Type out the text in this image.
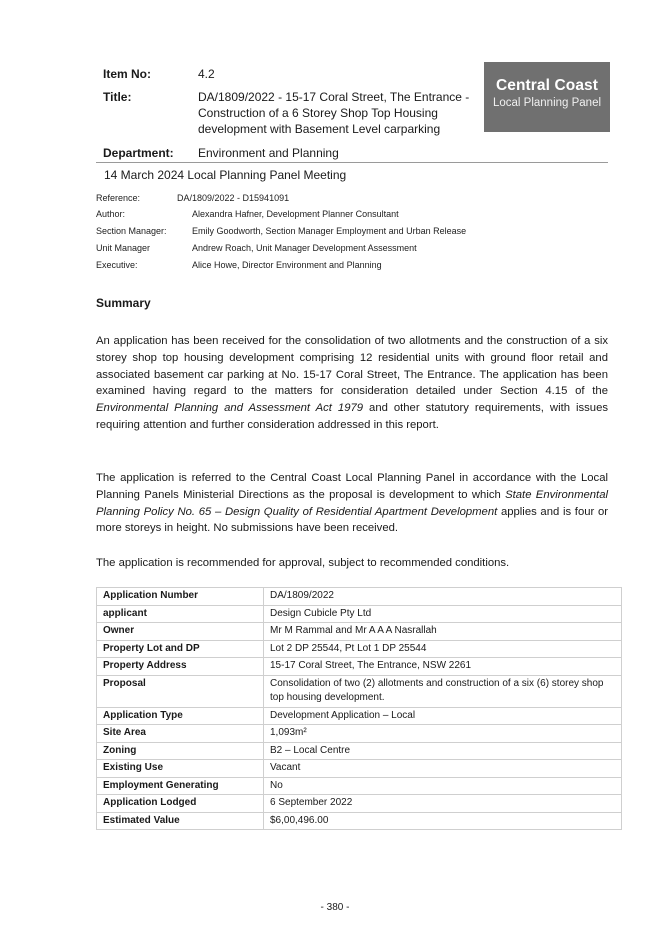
Item No:	4.2
Title:	DA/1809/2022 - 15-17 Coral Street, The Entrance -
Construction of a 6 Storey Shop Top Housing
development with Basement Level carparking
Central Coast
Local Planning Panel
Department: Environment and Planning
14 March 2024 Local Planning Panel Meeting
Reference:	DA/1809/2022 - D15941091
Author:	Alexandra Hafner, Development Planner Consultant
Section Manager:	Emily Goodworth, Section Manager Employment and Urban Release
Unit Manager	Andrew Roach, Unit Manager Development Assessment
Executive:	Alice Howe, Director Environment and Planning
Summary

An application has been received for the consolidation of two allotments and the construction of a six storey shop top housing development comprising 12 residential units with ground floor retail and associated basement car parking at No. 15-17 Coral Street, The Entrance. The application has been examined having regard to the matters for consideration detailed under Section 4.15 of the Environmental Planning and Assessment Act 1979 and other statutory requirements, with issues requiring attention and further consideration addressed in this report.

The application is referred to the Central Coast Local Planning Panel in accordance with the Local Planning Panels Ministerial Directions as the proposal is development to which State Environmental Planning Policy No. 65 – Design Quality of Residential Apartment Development applies and is four or more storeys in height. No submissions have been received.

The application is recommended for approval, subject to recommended conditions.

Application Number	DA/1809/2022
applicant	Design Cubicle Pty Ltd
Owner	Mr M Rammal and Mr A A A Nasrallah
Property Lot and DP	Lot 2 DP 25544, Pt Lot 1 DP 25544
Property Address	15-17 Coral Street, The Entrance, NSW 2261
Proposal	Consolidation of two (2) allotments and construction of a six (6) storey shop top housing development.
Application Type	Development Application – Local
Site Area	1,093m²
Zoning	B2 – Local Centre
Existing Use	Vacant
Employment Generating	No
Application Lodged	6 September 2022
Estimated Value	$6,00,496.00
- 380 -
